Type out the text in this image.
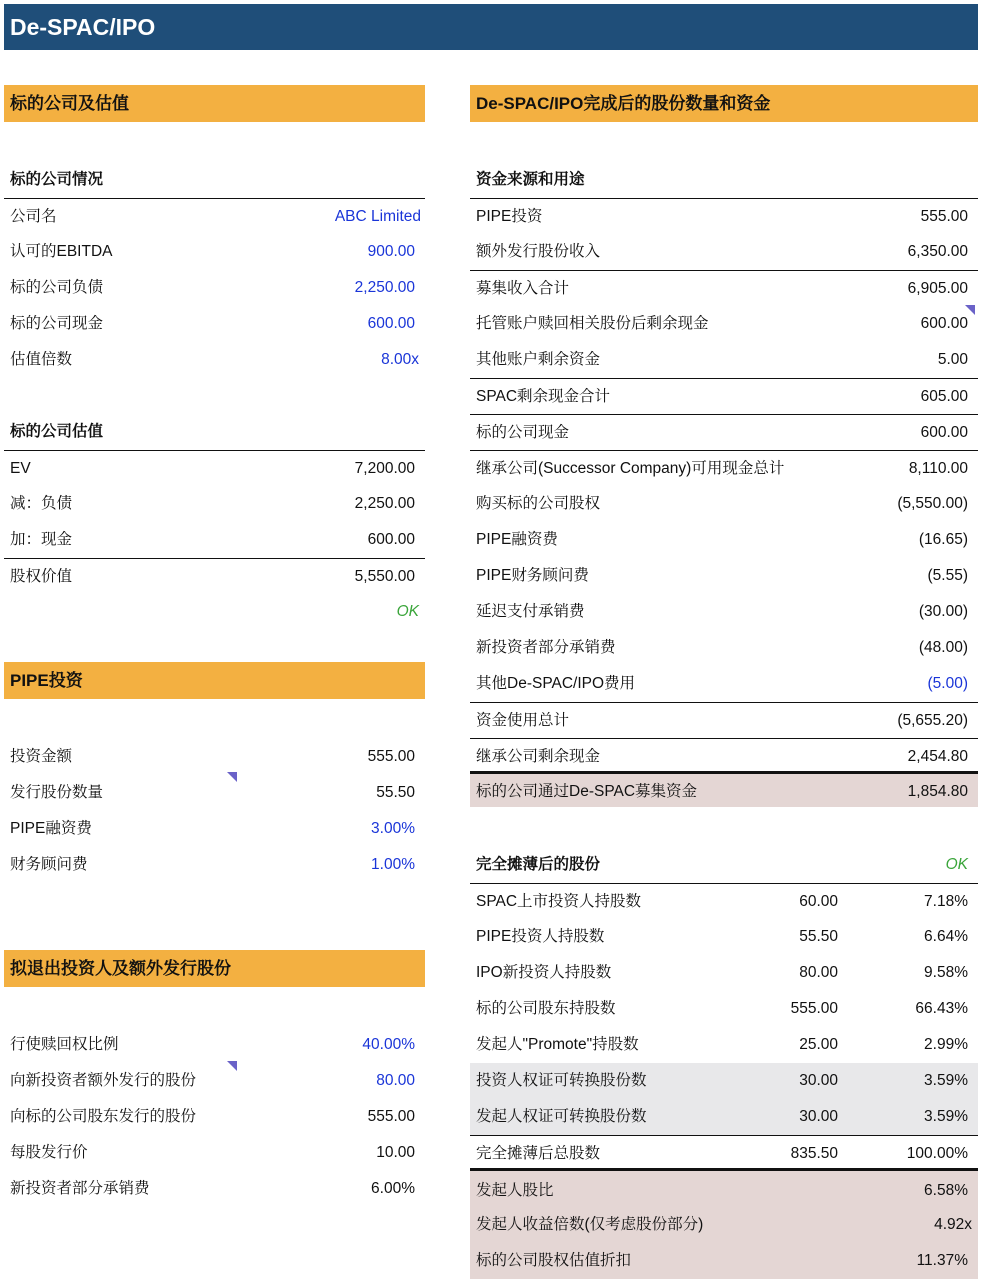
De-SPAC/IPO
标的公司及估值
标的公司情况
公司名	ABC Limited
认可的EBITDA	900.00
标的公司负债	2,250.00
标的公司现金	600.00
估值倍数	8.00x
标的公司估值
EV	7,200.00
减：负债	2,250.00
加：现金	600.00
股权价值	5,550.00
OK
PIPE投资
投资金额	555.00
发行股份数量	55.50
PIPE融资费	3.00%
财务顾问费	1.00%
拟退出投资人及额外发行股份
行使赎回权比例	40.00%
向新投资者额外发行的股份	80.00
向标的公司股东发行的股份	555.00
每股发行价	10.00
新投资者部分承销费	6.00%
De-SPAC/IPO完成后的股份数量和资金
资金来源和用途
PIPE投资	555.00
额外发行股份收入	6,350.00
募集收入合计	6,905.00
托管账户赎回相关股份后剩余现金	600.00
其他账户剩余资金	5.00
SPAC剩余现金合计	605.00
标的公司现金	600.00
继承公司(Successor Company)可用现金总计	8,110.00
购买标的公司股权	(5,550.00)
PIPE融资费	(16.65)
PIPE财务顾问费	(5.55)
延迟支付承销费	(30.00)
新投资者部分承销费	(48.00)
其他De-SPAC/IPO费用	(5.00)
资金使用总计	(5,655.20)
继承公司剩余现金	2,454.80
标的公司通过De-SPAC募集资金	1,854.80
完全摊薄后的股份	OK
SPAC上市投资人持股数	60.00	7.18%
PIPE投资人持股数	55.50	6.64%
IPO新投资人持股数	80.00	9.58%
标的公司股东持股数	555.00	66.43%
发起人"Promote"持股数	25.00	2.99%
投资人权证可转换股份数	30.00	3.59%
发起人权证可转换股份数	30.00	3.59%
完全摊薄后总股数	835.50	100.00%
发起人股比	6.58%
发起人收益倍数(仅考虑股份部分)	4.92x
标的公司股权估值折扣	11.37%
